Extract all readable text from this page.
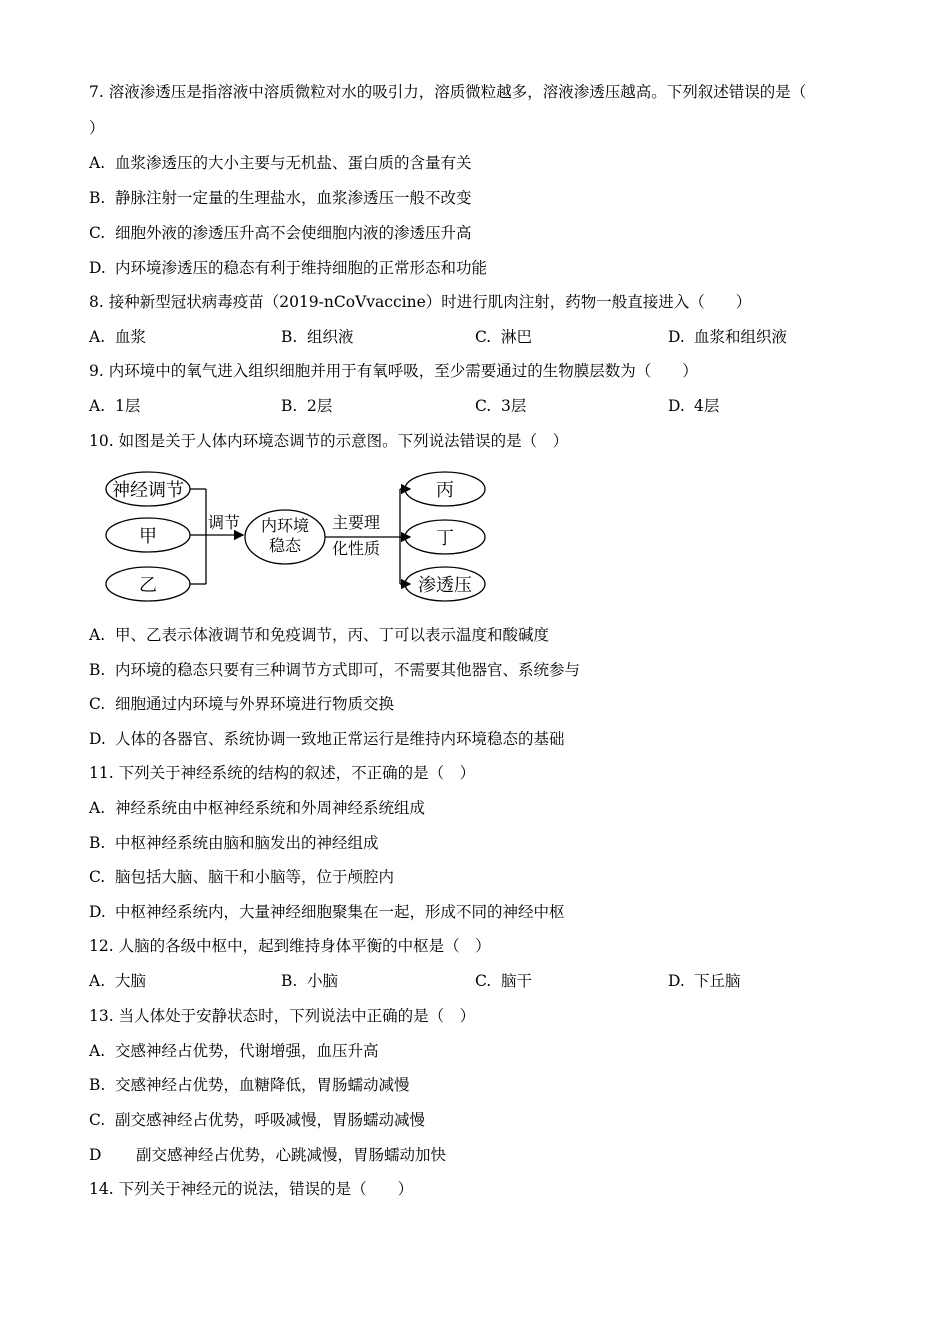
7. 溶液渗透压是指溶液中溶质微粒对水的吸引力，溶质微粒越多，溶液渗透压越高。下列叙述错误的是（
）
A. 血浆渗透压的大小主要与无机盐、蛋白质的含量有关
B. 静脉注射一定量的生理盐水，血浆渗透压一般不改变
C. 细胞外液的渗透压升高不会使细胞内液的渗透压升高
D. 内环境渗透压的稳态有利于维持细胞的正常形态和功能
8. 接种新型冠状病毒疫苗（2019-nCoVvaccine）时进行肌肉注射，药物一般直接进入（　　）
A. 血浆	B. 组织液	C. 淋巴	D. 血浆和组织液
9. 内环境中的氧气进入组织细胞并用于有氧呼吸，至少需要通过的生物膜层数为（　　）
A. 1层	B. 2层	C. 3层	D. 4层
10. 如图是关于人体内环境态调节的示意图。下列说法错误的是（　）
神经调节
甲
乙
调节 内环境
稳态
主要理
化性质
丙
丁
渗透压
A. 甲、乙表示体液调节和免疫调节，丙、丁可以表示温度和酸碱度
B. 内环境的稳态只要有三种调节方式即可，不需要其他器官、系统参与
C. 细胞通过内环境与外界环境进行物质交换
D. 人体的各器官、系统协调一致地正常运行是维持内环境稳态的基础
11. 下列关于神经系统的结构的叙述，不正确的是（　）
A. 神经系统由中枢神经系统和外周神经系统组成
B. 中枢神经系统由脑和脑发出的神经组成
C. 脑包括大脑、脑干和小脑等，位于颅腔内
D. 中枢神经系统内，大量神经细胞聚集在一起，形成不同的神经中枢
12. 人脑的各级中枢中，起到维持身体平衡的中枢是（　）
A. 大脑	B. 小脑	C. 脑干	D. 下丘脑
13. 当人体处于安静状态时，下列说法中正确的是（　）
A. 交感神经占优势，代谢增强，血压升高
B. 交感神经占优势，血糖降低，胃肠蠕动减慢
C. 副交感神经占优势，呼吸减慢，胃肠蠕动减慢
D 副交感神经占优势，心跳减慢，胃肠蠕动加快
14. 下列关于神经元的说法，错误的是（　　）
